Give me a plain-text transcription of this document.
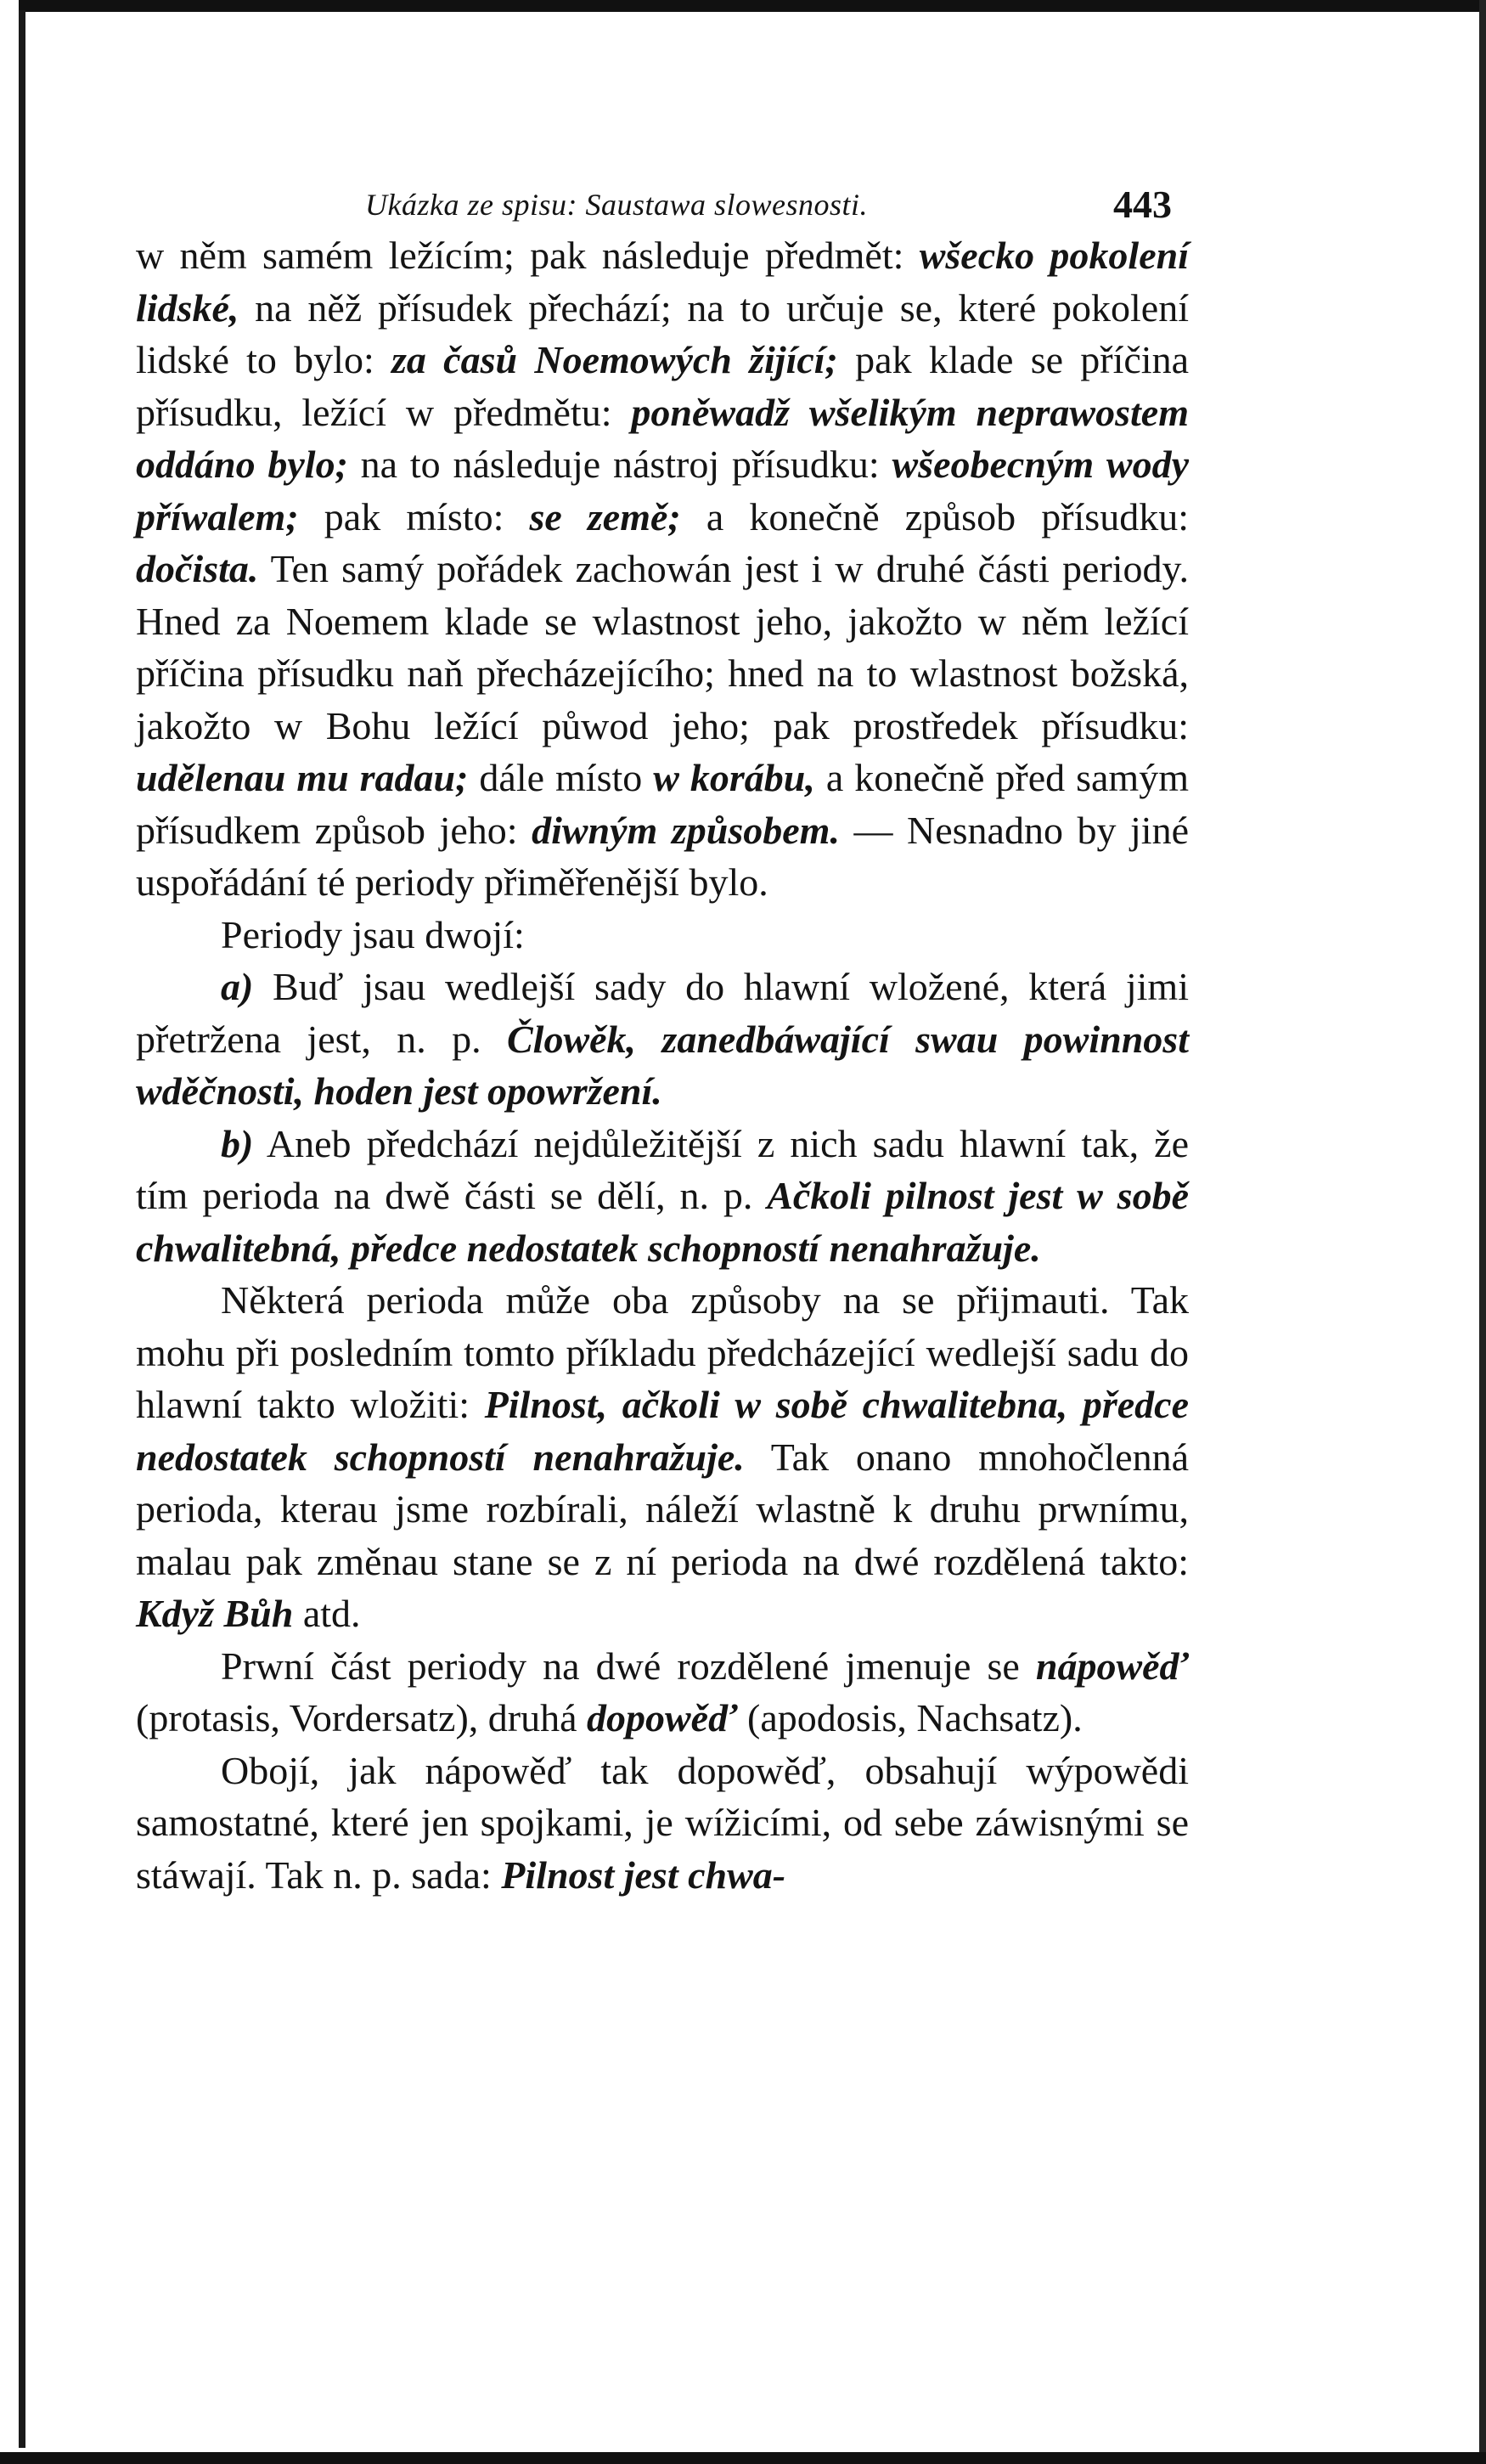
Ukázka ze spisu: Saustawa slowesnosti.	443

w něm samém ležícím; pak následuje předmět: wšecko pokolení lidské, na něž přísudek přechází; na to určuje se, které pokolení lidské to bylo: za časů Noemowých žijící; pak klade se příčina přísudku, ležící w předmětu: poněwadž wšelikým neprawostem oddáno bylo; na to následuje nástroj přísudku: wšeobecným wody příwalem; pak místo: se země; a konečně způsob přísudku: dočista. Ten samý pořádek zachowán jest i w druhé části periody. Hned za Noemem klade se wlastnost jeho, jakožto w něm ležící příčina přísudku naň přecházejícího; hned na to wlastnost božská, jakožto w Bohu ležící půwod jeho; pak prostředek přísudku: udělenau mu radau; dále místo w korábu, a konečně před samým přísudkem způsob jeho: diwným způsobem. — Nesnadno by jiné uspořádání té periody přiměřenější bylo.

Periody jsau dwojí:

a) Buď jsau wedlejší sady do hlawní wložené, která jimi přetržena jest, n. p. Člowěk, zanedbáwající swau powinnost wděčnosti, hoden jest opowržení.

b) Aneb předchází nejdůležitější z nich sadu hlawní tak, že tím perioda na dwě části se dělí, n. p. Ačkoli pilnost jest w sobě chwalitebná, předce nedostatek schopností nenahražuje.

Některá perioda může oba způsoby na se přijmauti. Tak mohu při posledním tomto příkladu předcházející wedlejší sadu do hlawní takto wložiti: Pilnost, ačkoli w sobě chwalitebna, předce nedostatek schopností nenahražuje. Tak onano mnohočlenná perioda, kterau jsme rozbírali, náleží wlastně k druhu prwnímu, malau pak změnau stane se z ní perioda na dwé rozdělená takto: Když Bůh atd.

Prwní část periody na dwé rozdělené jmenuje se nápowěď (protasis, Vordersatz), druhá dopowěď (apodosis, Nachsatz).

Obojí, jak nápowěď tak dopowěď, obsahují wýpowědi samostatné, které jen spojkami, je wížicími, od sebe záwisnými se stáwají. Tak n. p. sada: Pilnost jest chwa-
